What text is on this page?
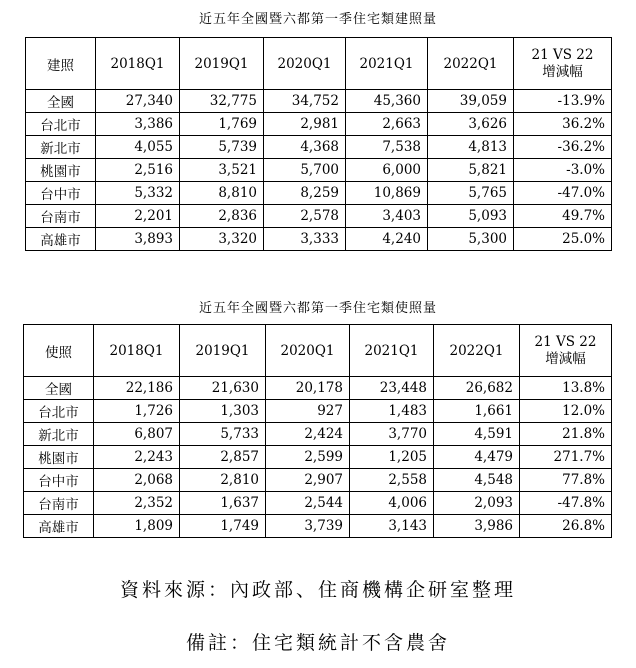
近五年全國暨六都第一季住宅類建照量
建照	2018Q1	2019Q1	2020Q1	2021Q1	2022Q1	21 VS 22
增減幅

全國	27,340	32,775	34,752	45,360	39,059	-13.9%
台北市	3,386	1,769	2,981	2,663	3,626	36.2%
新北市	4,055	5,739	4,368	7,538	4,813	-36.2%
桃園市	2,516	3,521	5,700	6,000	5,821	-3.0%
台中市	5,332	8,810	8,259	10,869	5,765	-47.0%
台南市	2,201	2,836	2,578	3,403	5,093	49.7%
高雄市	3,893	3,320	3,333	4,240	5,300	25.0%
近五年全國暨六都第一季住宅類使照量
使照	2018Q1	2019Q1	2020Q1	2021Q1	2022Q1	21 VS 22
增減幅

全國	22,186	21,630	20,178	23,448	26,682	13.8%
台北市	1,726	1,303	927	1,483	1,661	12.0%
新北市	6,807	5,733	2,424	3,770	4,591	21.8%
桃園市	2,243	2,857	2,599	1,205	4,479	271.7%
台中市	2,068	2,810	2,907	2,558	4,548	77.8%
台南市	2,352	1,637	2,544	4,006	2,093	-47.8%
高雄市	1,809	1,749	3,739	3,143	3,986	26.8%
資料來源：內政部、住商機構企研室整理
備註：住宅類統計不含農舍
